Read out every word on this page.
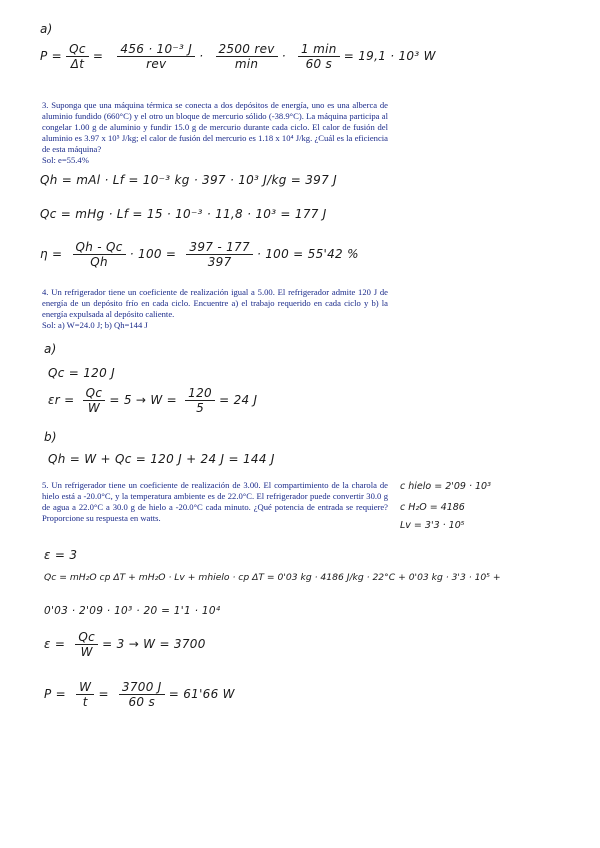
a)
$P = \frac{Qc}{\Delta t} = \frac{\text{456 · 10⁻³ J}}{\text{rev}} \cdot \frac{\text{2500 rev}}{\min} \cdot \frac{1 \min}{60 s} = 19,1 \cdot 10^3$ W

3. Suponga que una máquina térmica se conecta a dos depósitos de energía, uno es una alberca de aluminio fundido (660°C) y el otro un bloque de mercurio sólido (-38.9°C). La máquina participa al congelar 1.00 g de aluminio y fundir 15.0 g de mercurio durante cada ciclo. El calor de fusión del aluminio es 3.97 x 10⁵ J/kg; el calor de fusión del mercurio es 1.18 x 10⁴ J/kg. ¿Cuál es la eficiencia de esta máquina?

Sol: e=55.4%

Qh = mAl · Lf = 10⁻³ kg · 397 · 10³ J/kg = 397 J
Qc = mHg · Lf = 15 · 10⁻³ · 11,8 · 10³ = 177 J
$\eta = \frac{Qh - Qc}{Qh} \cdot 100 = \frac{397 - 177}{397} \cdot 100 = 55'42$ %

4. Un refrigerador tiene un coeficiente de realización igual a 5.00. El refrigerador admite 120 J de energía de un depósito frío en cada ciclo. Encuentre a) el trabajo requerido en cada ciclo y b) la energía expulsada al depósito caliente.

Sol: a) W=24.0 J; b) Qh=144 J

a)
Qc = 120 J
$\varepsilon r = \frac{Qc}{W} = 5 \to W = \frac{120}{5} = 24$ J
b)
Qh = W + Qc = 120 J + 24 J = 144 J

5. Un refrigerador tiene un coeficiente de realización de 3.00. El compartimiento de la charola de hielo está a -20.0°C, y la temperatura ambiente es de 22.0°C. El refrigerador puede convertir 30.0 g de agua a 22.0°C a 30.0 g de hielo a -20.0°C cada minuto. ¿Qué potencia de entrada se requiere? Proporcione su respuesta en watts.

c hielo = 2'09 · 10³
c H₂O = 4186
Lv = 3'3 · 10⁵
ε = 3
Qc = mH₂O cp ΔT + mH₂O · Lv + mhielo · cp ΔT = 0'03 kg · 4186 J/kg · 22°C + 0'03 kg · 3'3 · 10⁵ +
0'03 · 2'09 · 10³ · 20 = 1'1 · 10⁴
$\varepsilon = \frac{Qc}{W} = 3 \to W = 3700$
$P = \frac{W}{t} = \frac{3700 J}{60 s} = 61'66$ W
